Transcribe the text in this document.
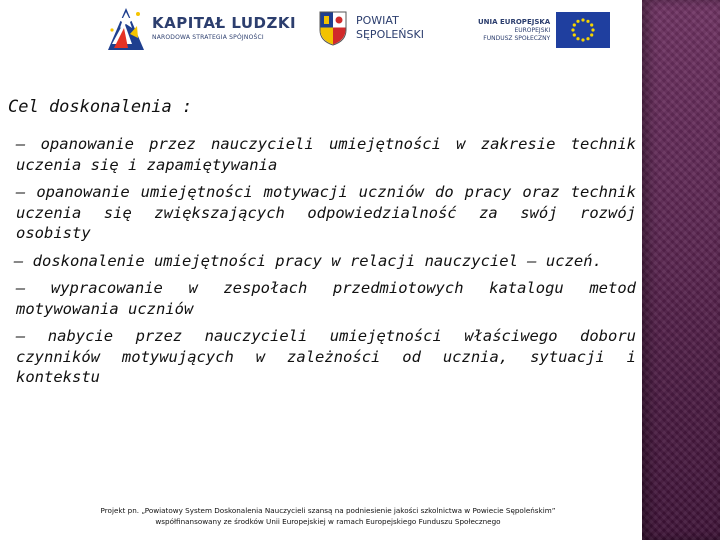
KAPITAŁ LUDZKI
NARODOWA STRATEGIA SPÓJNOŚCI
POWIAT
SĘPOLEŃSKI
UNIA EUROPEJSKA
EUROPEJSKI
FUNDUSZ SPOŁECZNY
Cel doskonalenia :
– opanowanie przez nauczycieli umiejętności w zakresie technik uczenia się i zapamiętywania
– opanowanie umiejętności motywacji uczniów do pracy oraz technik uczenia się zwiększających odpowiedzialność za swój rozwój osobisty
– doskonalenie umiejętności pracy w relacji nauczyciel – uczeń.
– wypracowanie w zespołach przedmiotowych katalogu metod motywowania uczniów
– nabycie przez nauczycieli umiejętności właściwego doboru czynników motywujących w zależności od ucznia, sytuacji i kontekstu
Projekt pn. „Powiatowy System Doskonalenia Nauczycieli szansą na podniesienie jakości szkolnictwa w Powiecie Sępoleńskim”
współfinansowany ze środków Unii Europejskiej w ramach Europejskiego Funduszu Społecznego
